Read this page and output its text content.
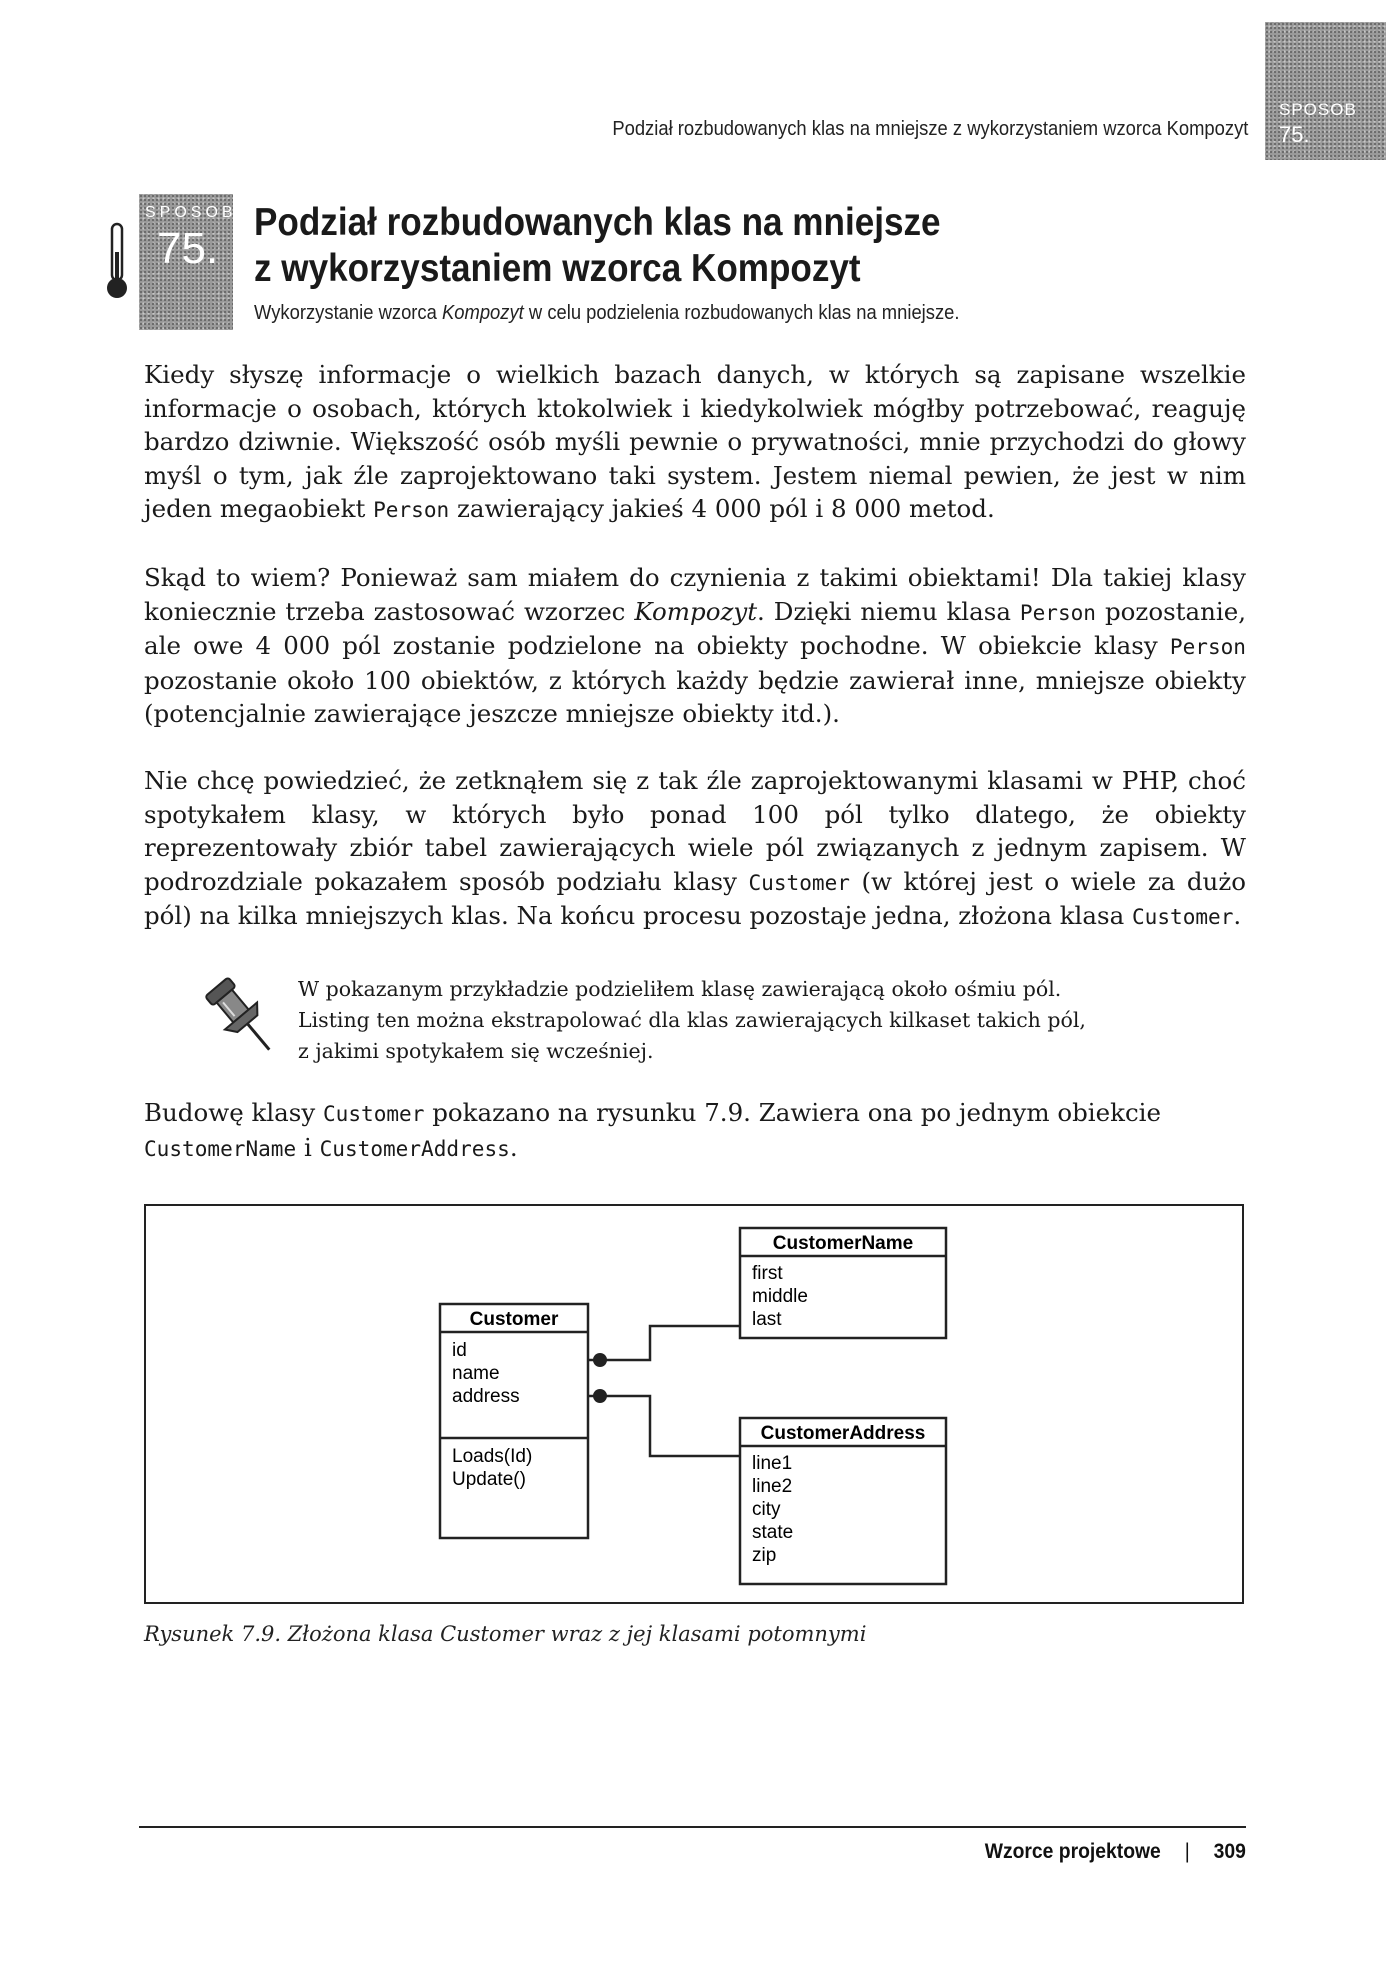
SPOSOB
75.
Podział rozbudowanych klas na mniejsze z wykorzystaniem wzorca Kompozyt
SPOSOB
75.
Podział rozbudowanych klas na mniejsze
z wykorzystaniem wzorca Kompozyt
Wykorzystanie wzorca Kompozyt w celu podzielenia rozbudowanych klas na mniejsze.

Kiedy słyszę informacje o wielkich bazach danych, w których są zapisane wszelkie informacje o osobach, których ktokolwiek i kiedykolwiek mógłby potrzebować, reaguję bardzo dziwnie. Większość osób myśli pewnie o prywatności, mnie przychodzi do głowy myśl o tym, jak źle zaprojektowano taki system. Jestem niemal pewien, że jest w nim jeden megaobiekt Person zawierający jakieś 4 000 pól i 8 000 metod.

Skąd to wiem? Ponieważ sam miałem do czynienia z takimi obiektami! Dla takiej klasy koniecznie trzeba zastosować wzorzec Kompozyt. Dzięki niemu klasa Person pozostanie, ale owe 4 000 pól zostanie podzielone na obiekty pochodne. W obiekcie klasy Person pozostanie około 100 obiektów, z których każdy będzie zawierał inne, mniejsze obiekty (potencjalnie zawierające jeszcze mniejsze obiekty itd.).

Nie chcę powiedzieć, że zetknąłem się z tak źle zaprojektowanymi klasami w PHP, choć spotykałem klasy, w których było ponad 100 pól tylko dlatego, że obiekty reprezentowały zbiór tabel zawierających wiele pól związanych z jednym zapisem. W podrozdziale pokazałem sposób podziału klasy Customer (w której jest o wiele za dużo pól) na kilka mniejszych klas. Na końcu procesu pozostaje jedna, złożona klasa Customer.

W pokazanym przykładzie podzieliłem klasę zawierającą około ośmiu pól.
Listing ten można ekstrapolować dla klas zawierających kilkaset takich pól,
z jakimi spotykałem się wcześniej.

Budowę klasy Customer pokazano na rysunku 7.9. Zawiera ona po jednym obiekcie CustomerName i CustomerAddress.

Customer
id
name
address
Loads(Id)
Update()
CustomerName
first
middle
last
CustomerAddress
line1
line2
city
state
zip
Rysunek 7.9. Złożona klasa Customer wraz z jej klasami potomnymi
Wzorce projektowe | 309
